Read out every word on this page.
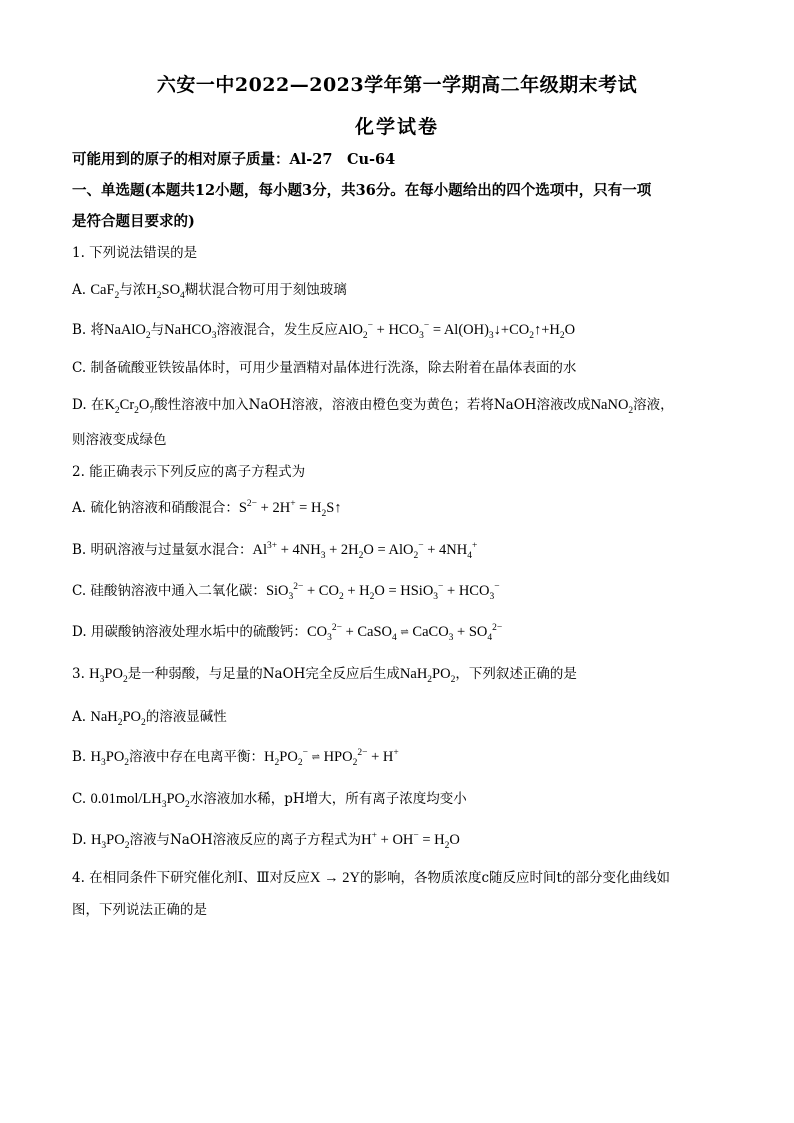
六安一中2022—2023学年第一学期高二年级期末考试
化学试卷
可能用到的原子的相对原子质量：Al-27　Cu-64
一、单选题(本题共12小题，每小题3分，共36分。在每小题给出的四个选项中，只有一项
是符合题目要求的)
1. 下列说法错误的是
A. CaF$_2$与浓$H_2SO_4$糊状混合物可用于刻蚀玻璃
B. 将NaAlO$_2$与NaHCO$_3$溶液混合，发生反应$AlO_2^- + HCO_3^-$ = $Al(OH)_3↓+CO_2↑+H_2O$
C. 制备硫酸亚铁铵晶体时，可用少量酒精对晶体进行洗涤，除去附着在晶体表面的水
D. 在$K_2Cr_2O_7$酸性溶液中加入NaOH溶液，溶液由橙色变为黄色；若将NaOH溶液改成NaNO$_2$溶液，
则溶液变成绿色
2. 能正确表示下列反应的离子方程式为
A. 硫化钠溶液和硝酸混合：$S^{2-} + 2H^+$ = $H_2S↑$
B. 明矾溶液与过量氨水混合：$Al^{3+} + 4NH_3 + 2H_2O = AlO_2^- + 4NH_4^+$
C. 硅酸钠溶液中通入二氧化碳：$SiO_3^{2-} + CO_2 + H_2O$ = HSiO$_3$− + $HCO_3^-$
D. 用碳酸钠溶液处理水垢中的硫酸钙：$CO_3^{2-}$ + CaSO$_4$ ⇌ CaCO$_3$ + $SO_4^{2-}$
3. $H_3PO_2$是一种弱酸，与足量的NaOH完全反应后生成$NaH_2PO_2$，下列叙述正确的是
A. $NaH_2PO_2$的溶液显碱性
B. $H_3PO_2$溶液中存在电离平衡：$H_2PO_2^-$ ⇌ $HPO_2^{2-} + H^+$
C. $0.01mol/LH_3PO_2$水溶液加水稀，pH增大，所有离子浓度均变小
D. $H_3PO_2$溶液与NaOH溶液反应的离子方程式为$H^+ + OH^- = H_2O$
4. 在相同条件下研究催化剂Ⅰ、Ⅲ对反应X → 2Y的影响，各物质浓度c随反应时间t的部分变化曲线如
图，下列说法正确的是
